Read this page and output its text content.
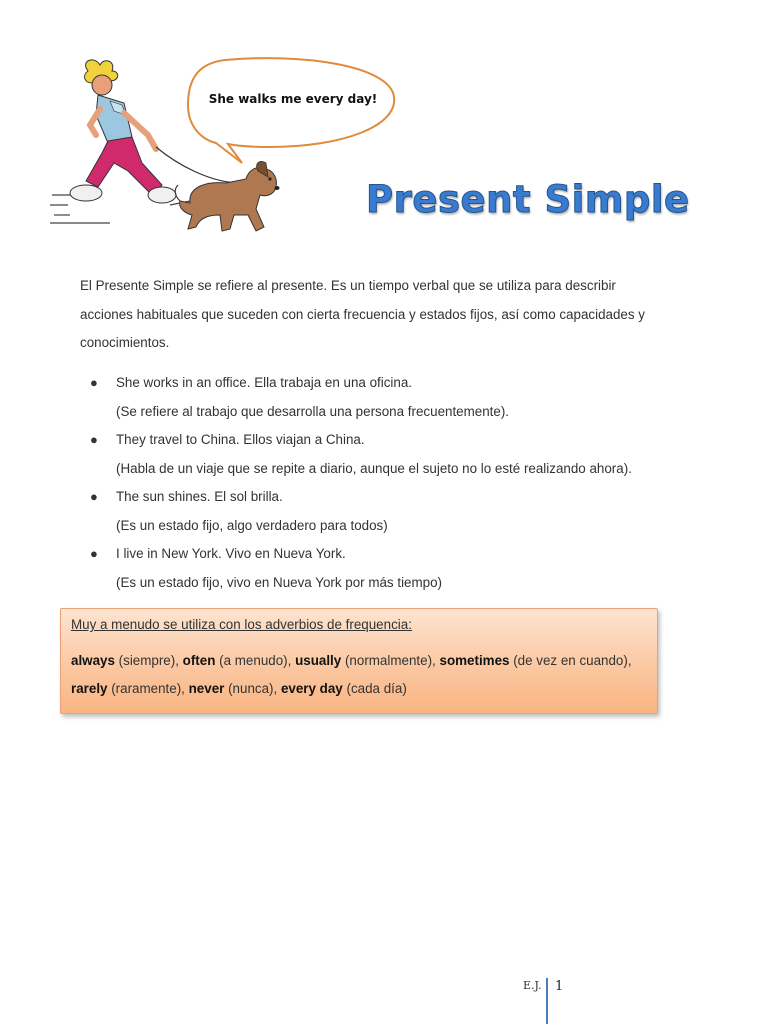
She walks me every day!
Present Simple

El Presente Simple se refiere al presente. Es un tiempo verbal que se utiliza para describir acciones habituales que suceden con cierta frecuencia y estados fijos, así como capacidades y conocimientos.

● She works in an office. Ella trabaja en una oficina.
(Se refiere al trabajo que desarrolla una persona frecuentemente).
● They travel to China. Ellos viajan a China.
(Habla de un viaje que se repite a diario, aunque el sujeto no lo esté realizando ahora).
● The sun shines. El sol brilla.
(Es un estado fijo, algo verdadero para todos)
● I live in New York. Vivo en Nueva York.
(Es un estado fijo, vivo en Nueva York por más tiempo)
Muy a menudo se utiliza con los adverbios de frequencia:
always (siempre), often (a menudo), usually (normalmente), sometimes (de vez en cuando),
rarely (raramente), never (nunca), every day (cada día)
E.J. 1
